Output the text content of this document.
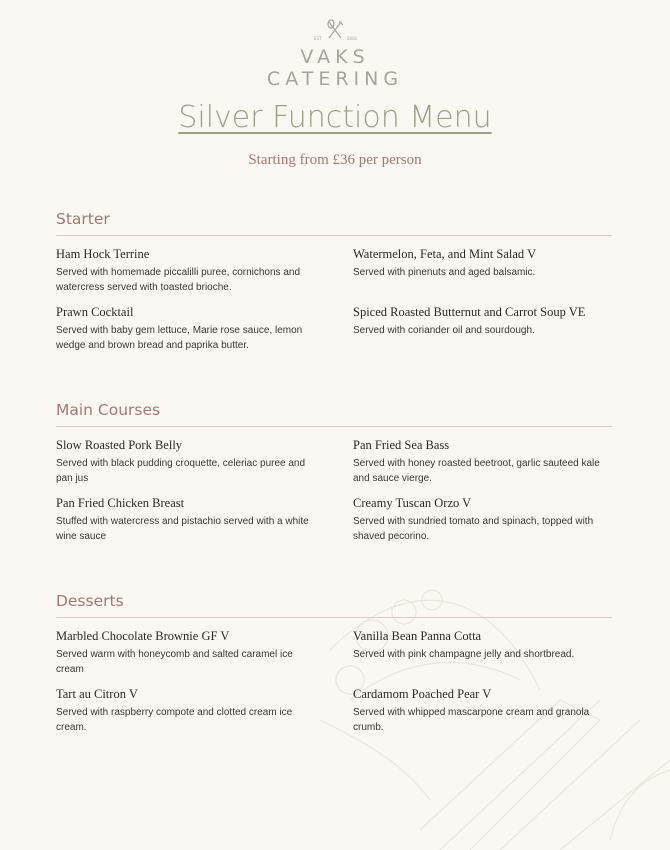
EST	2001
VAKS
CATERING
Silver Function Menu
Starting from £36 per person
Starter
Ham Hock Terrine
Served with homemade piccalilli puree, cornichons and watercress served with toasted brioche.
Watermelon, Feta, and Mint Salad V
Served with pinenuts and aged balsamic.
Prawn Cocktail
Served with baby gem lettuce, Marie rose sauce, lemon wedge and brown bread and paprika butter.
Spiced Roasted Butternut and Carrot Soup VE
Served with coriander oil and sourdough.
Main Courses
Slow Roasted Pork Belly
Served with black pudding croquette, celeriac puree and pan jus
Pan Fried Sea Bass
Served with honey roasted beetroot, garlic sauteed kale and sauce vierge.
Pan Fried Chicken Breast
Stuffed with watercress and pistachio served with a white wine sauce
Creamy Tuscan Orzo V
Served with sundried tomato and spinach, topped with shaved pecorino.
Desserts
Marbled Chocolate Brownie GF V
Served warm with honeycomb and salted caramel ice cream
Vanilla Bean Panna Cotta
Served with pink champagne jelly and shortbread.
Tart au Citron V
Served with raspberry compote and clotted cream ice cream.
Cardamom Poached Pear V
Served with whipped mascarpone cream and granola crumb.
